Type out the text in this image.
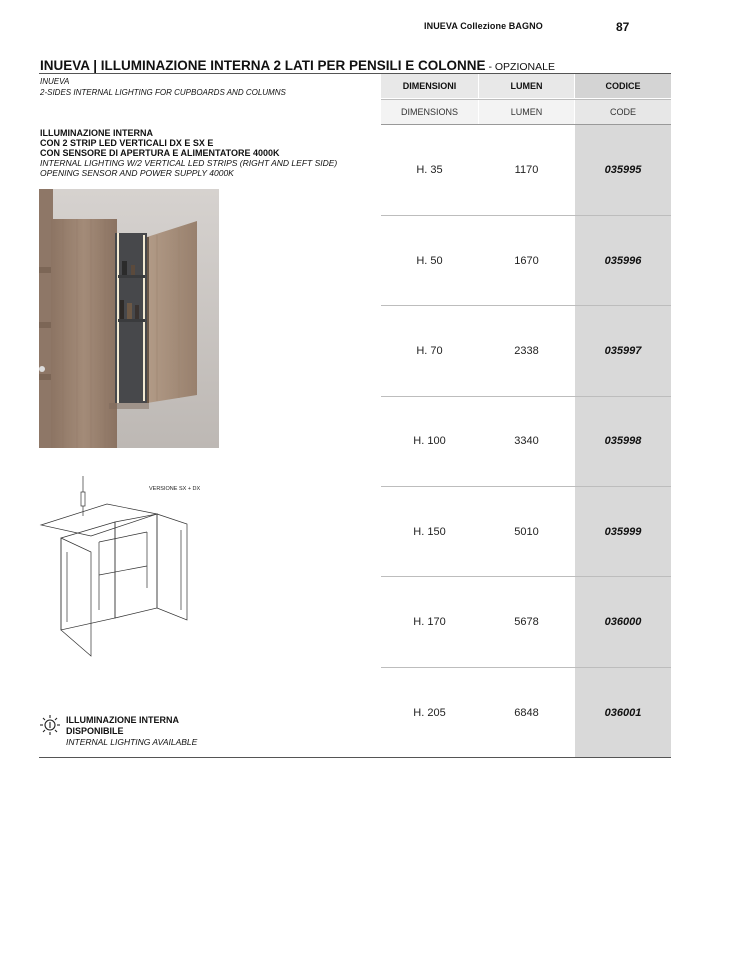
INUEVA Collezione BAGNO	87
INUEVA | ILLUMINAZIONE INTERNA 2 LATI PER PENSILI E COLONNE - OPZIONALE
INUEVA
2-SIDES INTERNAL LIGHTING FOR CUPBOARDS AND COLUMNS
DIMENSIONI	LUMEN	CODICE
DIMENSIONS	LUMEN	CODE
H. 35	1170	035995
H. 50	1670	035996
H. 70	2338	035997
H. 100	3340	035998
H. 150	5010	035999
H. 170	5678	036000
H. 205	6848	036001
ILLUMINAZIONE INTERNA
CON 2 STRIP LED VERTICALI DX E SX E
CON SENSORE DI APERTURA E ALIMENTATORE 4000K
INTERNAL LIGHTING W/2 VERTICAL LED STRIPS (RIGHT AND LEFT SIDE)
OPENING SENSOR AND POWER SUPPLY 4000K
VERSIONE SX + DX
ILLUMINAZIONE INTERNA
DISPONIBILE
INTERNAL LIGHTING AVAILABLE
